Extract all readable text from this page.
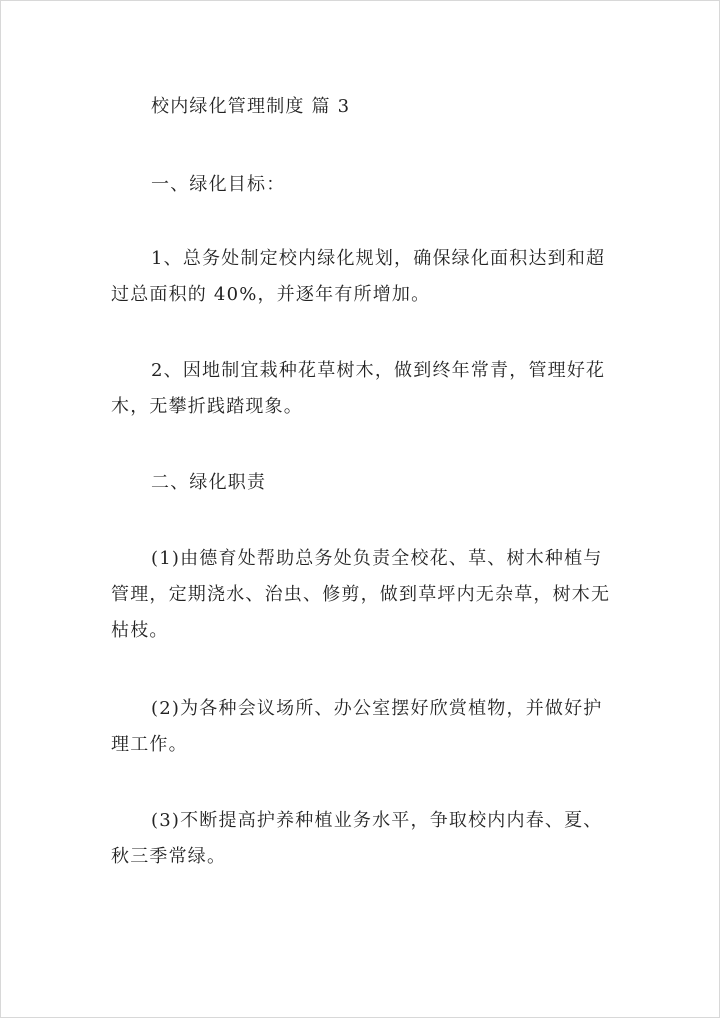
校内绿化管理制度 篇 3

一、绿化目标：

1、总务处制定校内绿化规划，确保绿化面积达到和超
过总面积的 40%，并逐年有所增加。
2、因地制宜栽种花草树木，做到终年常青，管理好花
木，无攀折践踏现象。

二、绿化职责

(1)由德育处帮助总务处负责全校花、草、树木种植与
管理，定期浇水、治虫、修剪，做到草坪内无杂草，树木无
枯枝。
(2)为各种会议场所、办公室摆好欣赏植物，并做好护
理工作。
(3)不断提高护养种植业务水平，争取校内内春、夏、
秋三季常绿。
